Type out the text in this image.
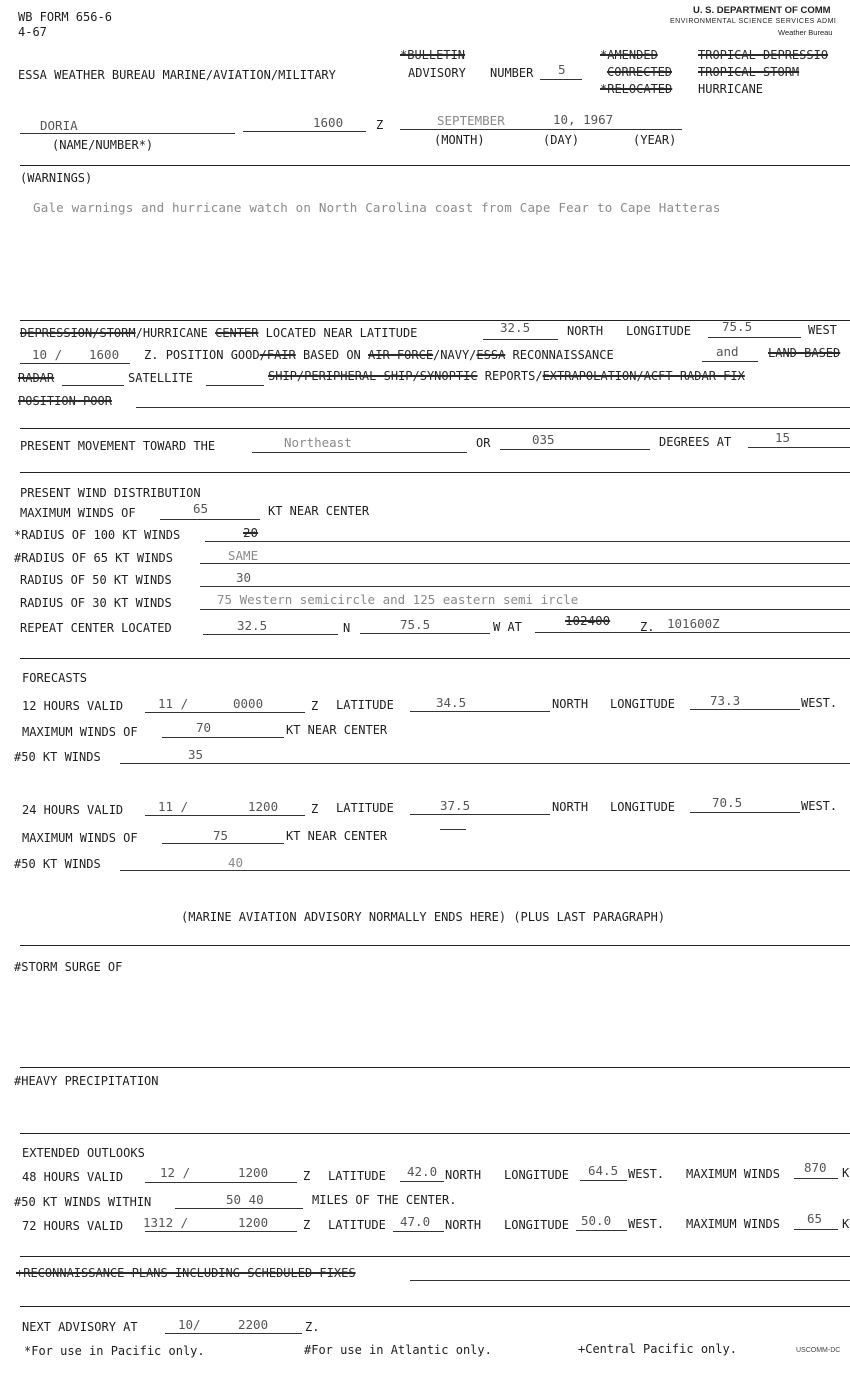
WB FORM 656-6
4-67
U. S. DEPARTMENT OF COMM
ENVIRONMENTAL SCIENCE SERVICES ADMI
Weather Bureau
ESSA WEATHER BUREAU MARINE/AVIATION/MILITARY
*BULLETIN
ADVISORY NUMBER 5
*AMENDED
CORRECTED
*RELOCATED
TROPICAL DEPRESSIO
TROPICAL STORM
HURRICANE
DORIA	1600	Z	SEPTEMBER	10, 1967
(NAME/NUMBER*)	(MONTH)	(DAY)	(YEAR)
(WARNINGS)
Gale warnings and hurricane watch on North Carolina coast from Cape Fear to Cape Hatteras
DEPRESSION/STORM/HURRICANE CENTER LOCATED NEAR LATITUDE	32.5	NORTH LONGITUDE 75.5	WEST
10 / 1600 Z. POSITION GOOD/FAIR BASED ON AIR FORCE/NAVY/ESSA RECONNAISSANCE	and LAND BASED
RADAR	SATELLITE	SHIP/PERIPHERAL SHIP/SYNOPTIC REPORTS/EXTRAPOLATION/ACFT RADAR FIX
POSITION POOR
PRESENT MOVEMENT TOWARD THE	Northeast	OR	035	DEGREES AT	15
PRESENT WIND DISTRIBUTION
MAXIMUM WINDS OF	65	KT NEAR CENTER
*RADIUS OF 100 KT WINDS	20
#RADIUS OF 65 KT WINDS	SAME
RADIUS OF 50 KT WINDS	30
RADIUS OF 30 KT WINDS	75 Western semicircle and 125 eastern semi ircle
REPEAT CENTER LOCATED	32.5	N	75.5	W AT	102400 Z. 101600Z
FORECASTS
12 HOURS VALID	11 /	0000	Z LATITUDE	34.5	NORTH LONGITUDE	73.3	WEST.
MAXIMUM WINDS OF	70	KT NEAR CENTER
#50 KT WINDS	35
24 HOURS VALID	11 /	1200	Z LATITUDE	37.5	NORTH LONGITUDE	70.5	WEST.
MAXIMUM WINDS OF	75	KT NEAR CENTER
#50 KT WINDS	40
(MARINE AVIATION ADVISORY NORMALLY ENDS HERE) (PLUS LAST PARAGRAPH)
#STORM SURGE OF
#HEAVY PRECIPITATION
EXTENDED OUTLOOKS
48 HOURS VALID	12 /	1200	Z LATITUDE 42.0 NORTH LONGITUDE 64.5 WEST. MAXIMUM WINDS 870 K
#50 KT WINDS WITHIN	50 40	MILES OF THE CENTER.
72 HOURS VALID 1312 /	1200	Z LATITUDE 47.0 NORTH LONGITUDE 50.0 WEST. MAXIMUM WINDS 65 K
+RECONNAISSANCE PLANS INCLUDING SCHEDULED FIXES
NEXT ADVISORY AT	10/	2200	Z.
*For use in Pacific only.	#For use in Atlantic only.	+Central Pacific only.	USCOMM-DC
